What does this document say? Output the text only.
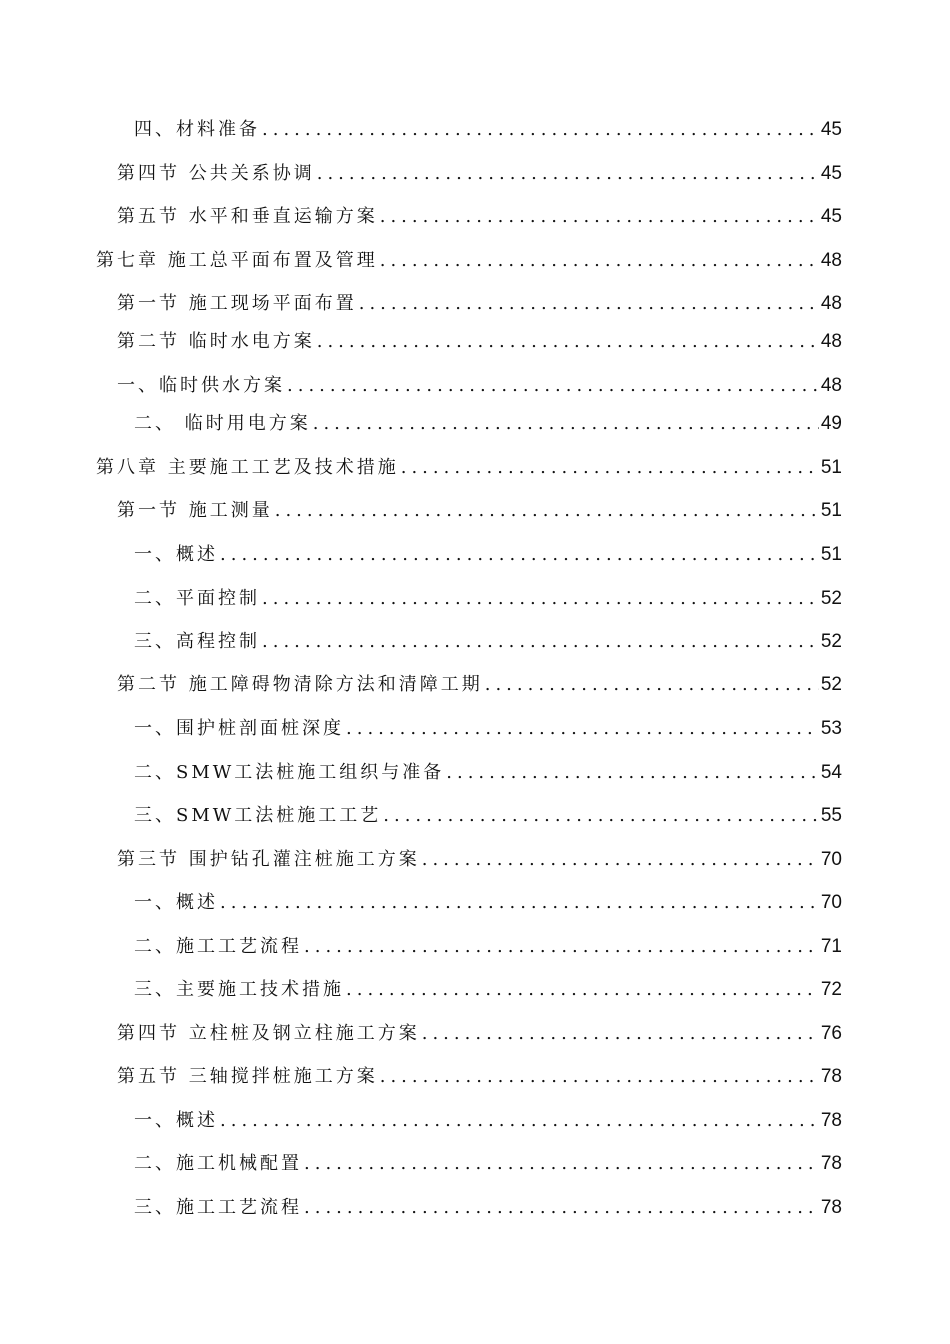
四、材料准备 .....	45
第四节 公共关系协调 .....	45
第五节 水平和垂直运输方案 .....	45
第七章 施工总平面布置及管理 .....	48
第一节 施工现场平面布置 .....	48
第二节 临时水电方案 .....	48
一、临时供水方案 .....	48
二、 临时用电方案 .....	49
第八章 主要施工工艺及技术措施 .....	51
第一节 施工测量 .....	51
一、概述 .....	51
二、平面控制 .....	52
三、高程控制 .....	52
第二节 施工障碍物清除方法和清障工期 .....	52
一、围护桩剖面桩深度 .....	53
二、SMW工法桩施工组织与准备 .....	54
三、SMW工法桩施工工艺 .....	55
第三节 围护钻孔灌注桩施工方案 .....	70
一、概述 .....	70
二、施工工艺流程 .....	71
三、主要施工技术措施 .....	72
第四节 立柱桩及钢立柱施工方案 .....	76
第五节 三轴搅拌桩施工方案 .....	78
一、概述 .....	78
二、施工机械配置 .....	78
三、施工工艺流程 .....	78
